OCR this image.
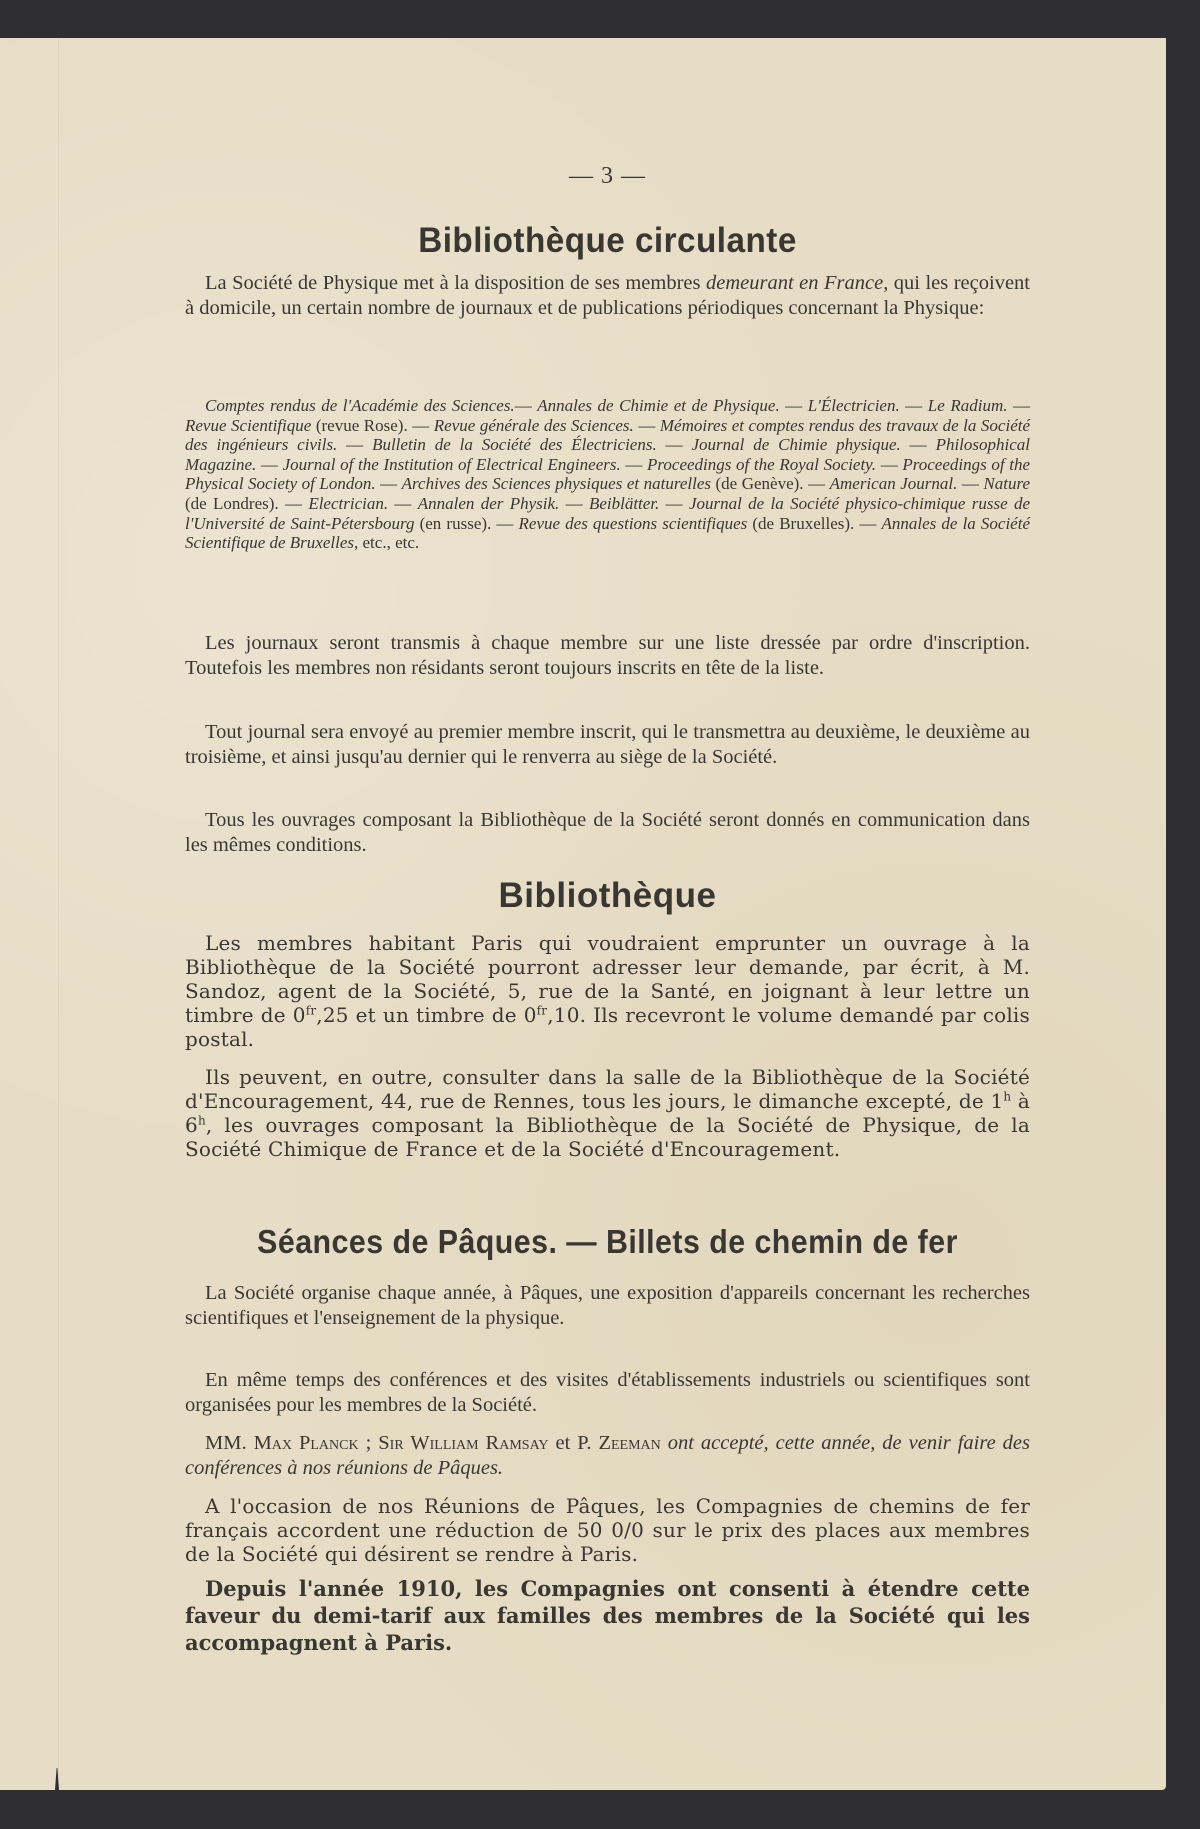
— 3 —
Bibliothèque circulante

La Société de Physique met à la disposition de ses membres demeurant en France, qui les reçoivent à domicile, un certain nombre de journaux et de publications périodiques concernant la Physique:

Comptes rendus de l'Académie des Sciences.— Annales de Chimie et de Physique. — L'Électricien. — Le Radium. — Revue Scientifique (revue Rose). — Revue générale des Sciences. — Mémoires et comptes rendus des travaux de la Société des ingénieurs civils. — Bulletin de la Société des Électriciens. — Journal de Chimie physique. — Philosophical Magazine. — Journal of the Institution of Electrical Engineers. — Proceedings of the Royal Society. — Proceedings of the Physical Society of London. — Archives des Sciences physiques et naturelles (de Genève). — American Journal. — Nature (de Londres). — Electrician. — Annalen der Physik. — Beiblätter. — Journal de la Société physico-chimique russe de l'Université de Saint-Pétersbourg (en russe). — Revue des questions scientifiques (de Bruxelles). — Annales de la Société Scientifique de Bruxelles, etc., etc.

Les journaux seront transmis à chaque membre sur une liste dressée par ordre d'inscription. Toutefois les membres non résidants seront toujours inscrits en tête de la liste.

Tout journal sera envoyé au premier membre inscrit, qui le transmettra au deuxième, le deuxième au troisième, et ainsi jusqu'au dernier qui le renverra au siège de la Société.

Tous les ouvrages composant la Bibliothèque de la Société seront donnés en communication dans les mêmes conditions.

Bibliothèque

Les membres habitant Paris qui voudraient emprunter un ouvrage à la Bibliothèque de la Société pourront adresser leur demande, par écrit, à M. Sandoz, agent de la Société, 5, rue de la Santé, en joignant à leur lettre un timbre de $0^{fr},25$ et un timbre de $0^{fr},10$. Ils recevront le volume demandé par colis postal.

Ils peuvent, en outre, consulter dans la salle de la Bibliothèque de la Société d'Encouragement, 44, rue de Rennes, tous les jours, le dimanche excepté, de 1$^h$ à 6$^h$, les ouvrages composant la Bibliothèque de la Société de Physique, de la Société Chimique de France et de la Société d'Encouragement.

Séances de Pâques. — Billets de chemin de fer

La Société organise chaque année, à Pâques, une exposition d'appareils concernant les recherches scientifiques et l'enseignement de la physique.

En même temps des conférences et des visites d'établissements industriels ou scientifiques sont organisées pour les membres de la Société.

MM. Max Planck ; Sir William Ramsay et P. Zeeman ont accepté, cette année, de venir faire des conférences à nos réunions de Pâques.

A l'occasion de nos Réunions de Pâques, les Compagnies de chemins de fer français accordent une réduction de 50 0/0 sur le prix des places aux membres de la Société qui désirent se rendre à Paris.

Depuis l'année 1910, les Compagnies ont consenti à étendre cette faveur du demi-tarif aux familles des membres de la Société qui les accompagnent à Paris.
